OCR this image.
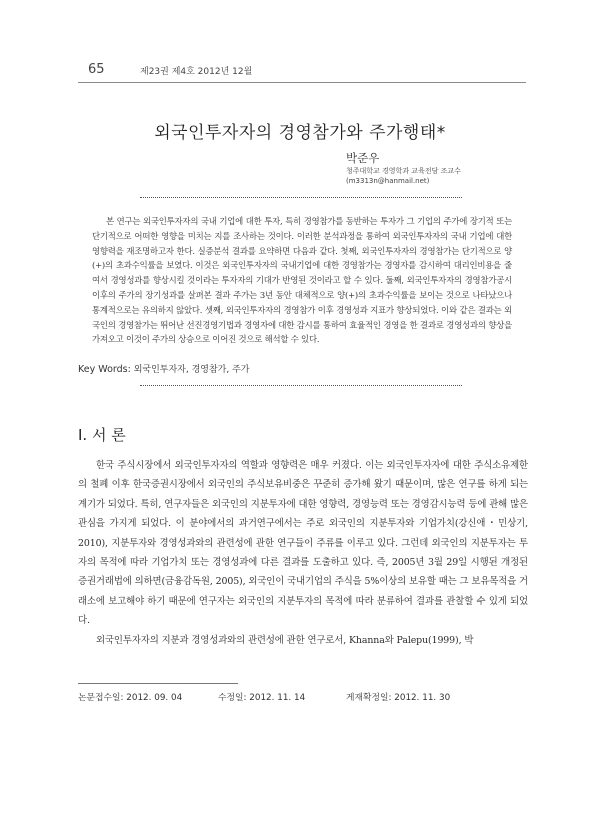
65	제23권 제4호 2012년 12월
외국인투자자의 경영참가와 주가행태*
박준우
청주대학교 경영학과 교육전담 조교수
(m3313n@hanmail.net)

본 연구는 외국인투자자의 국내 기업에 대한 투자, 특히 경영참가를 동반하는 투자가 그 기업의 주가에 장기적 또는 단기적으로 어떠한 영향을 미치는 지를 조사하는 것이다. 이러한 분석과정을 통하여 외국인투자자의 국내 기업에 대한 영향력을 재조명하고자 한다. 실증분석 결과를 요약하면 다음과 같다. 첫째, 외국인투자자의 경영참가는 단기적으로 양(+)의 초과수익률을 보였다. 이것은 외국인투자자의 국내기업에 대한 경영참가는 경영자를 감시하여 대리인비용을 줄여서 경영성과를 향상시킬 것이라는 투자자의 기대가 반영된 것이라고 할 수 있다. 둘째, 외국인투자자의 경영참가공시 이후의 주가의 장기성과를 살펴본 결과 주가는 3년 동안 대체적으로 양(+)의 초과수익률을 보이는 것으로 나타났으나 통계적으로는 유의하지 않았다. 셋째, 외국인투자자의 경영참가 이후 경영성과 지표가 향상되었다. 이와 같은 결과는 외국인의 경영참가는 뛰어난 선진경영기법과 경영자에 대한 감시를 통하여 효율적인 경영을 한 결과로 경영성과의 향상을 가져오고 이것이 주가의 상승으로 이어진 것으로 해석할 수 있다.

Key Words: 외국인투자자, 경영참가, 주가
Ⅰ. 서 론

한국 주식시장에서 외국인투자자의 역할과 영향력은 매우 커졌다. 이는 외국인투자자에 대한 주식소유제한의 철폐 이후 한국증권시장에서 외국인의 주식보유비중은 꾸준히 증가해 왔기 때문이며, 많은 연구를 하게 되는 계기가 되었다. 특히, 연구자들은 외국인의 지분투자에 대한 영향력, 경영능력 또는 경영감시능력 등에 관해 많은 관심을 가지게 되었다. 이 분야에서의 과거연구에서는 주로 외국인의 지분투자와 기업가치(강신애・민상기, 2010), 지분투자와 경영성과와의 관련성에 관한 연구들이 주류를 이루고 있다. 그런데 외국인의 지분투자는 투자의 목적에 따라 기업가치 또는 경영성과에 다른 결과를 도출하고 있다. 즉, 2005년 3월 29일 시행된 개정된 증권거래법에 의하면(금융감독원, 2005), 외국인이 국내기업의 주식을 5%이상의 보유할 때는 그 보유목적을 거래소에 보고해야 하기 때문에 연구자는 외국인의 지분투자의 목적에 따라 분류하여 결과를 관찰할 수 있게 되었다.

외국인투자자의 지분과 경영성과와의 관련성에 관한 연구로서, Khanna와 Palepu(1999), 박

논문접수일: 2012. 09. 04	수정일: 2012. 11. 14	게재확정일: 2012. 11. 30
